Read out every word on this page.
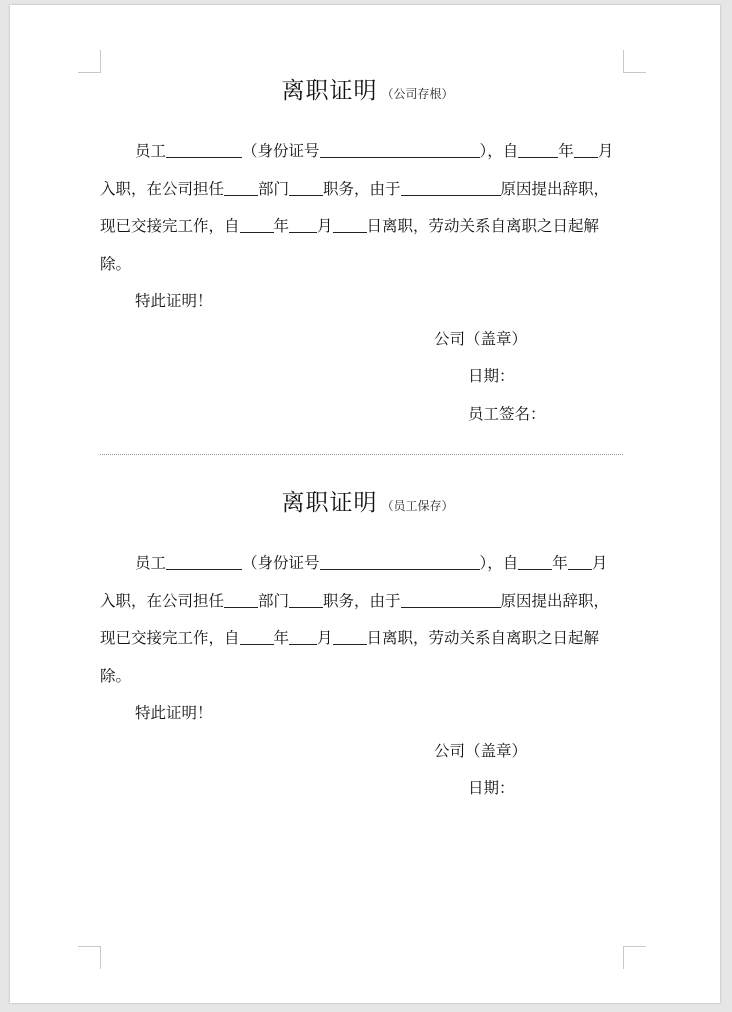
离职证明 （公司存根）
员工	（身份证号	），自	年 月
入职，在公司担任 部门 职务，由于	原因提出辞职，
现已交接完工作，自 年 月 日离职，劳动关系自离职之日起解
除。
特此证明！
公司（盖章）
日期：
员工签名：
离职证明 （员工保存）
员工	（身份证号	），自 年 月
入职，在公司担任 部门 职务，由于	原因提出辞职，
现已交接完工作，自 年 月 日离职，劳动关系自离职之日起解
除。
特此证明！
公司（盖章）
日期：
